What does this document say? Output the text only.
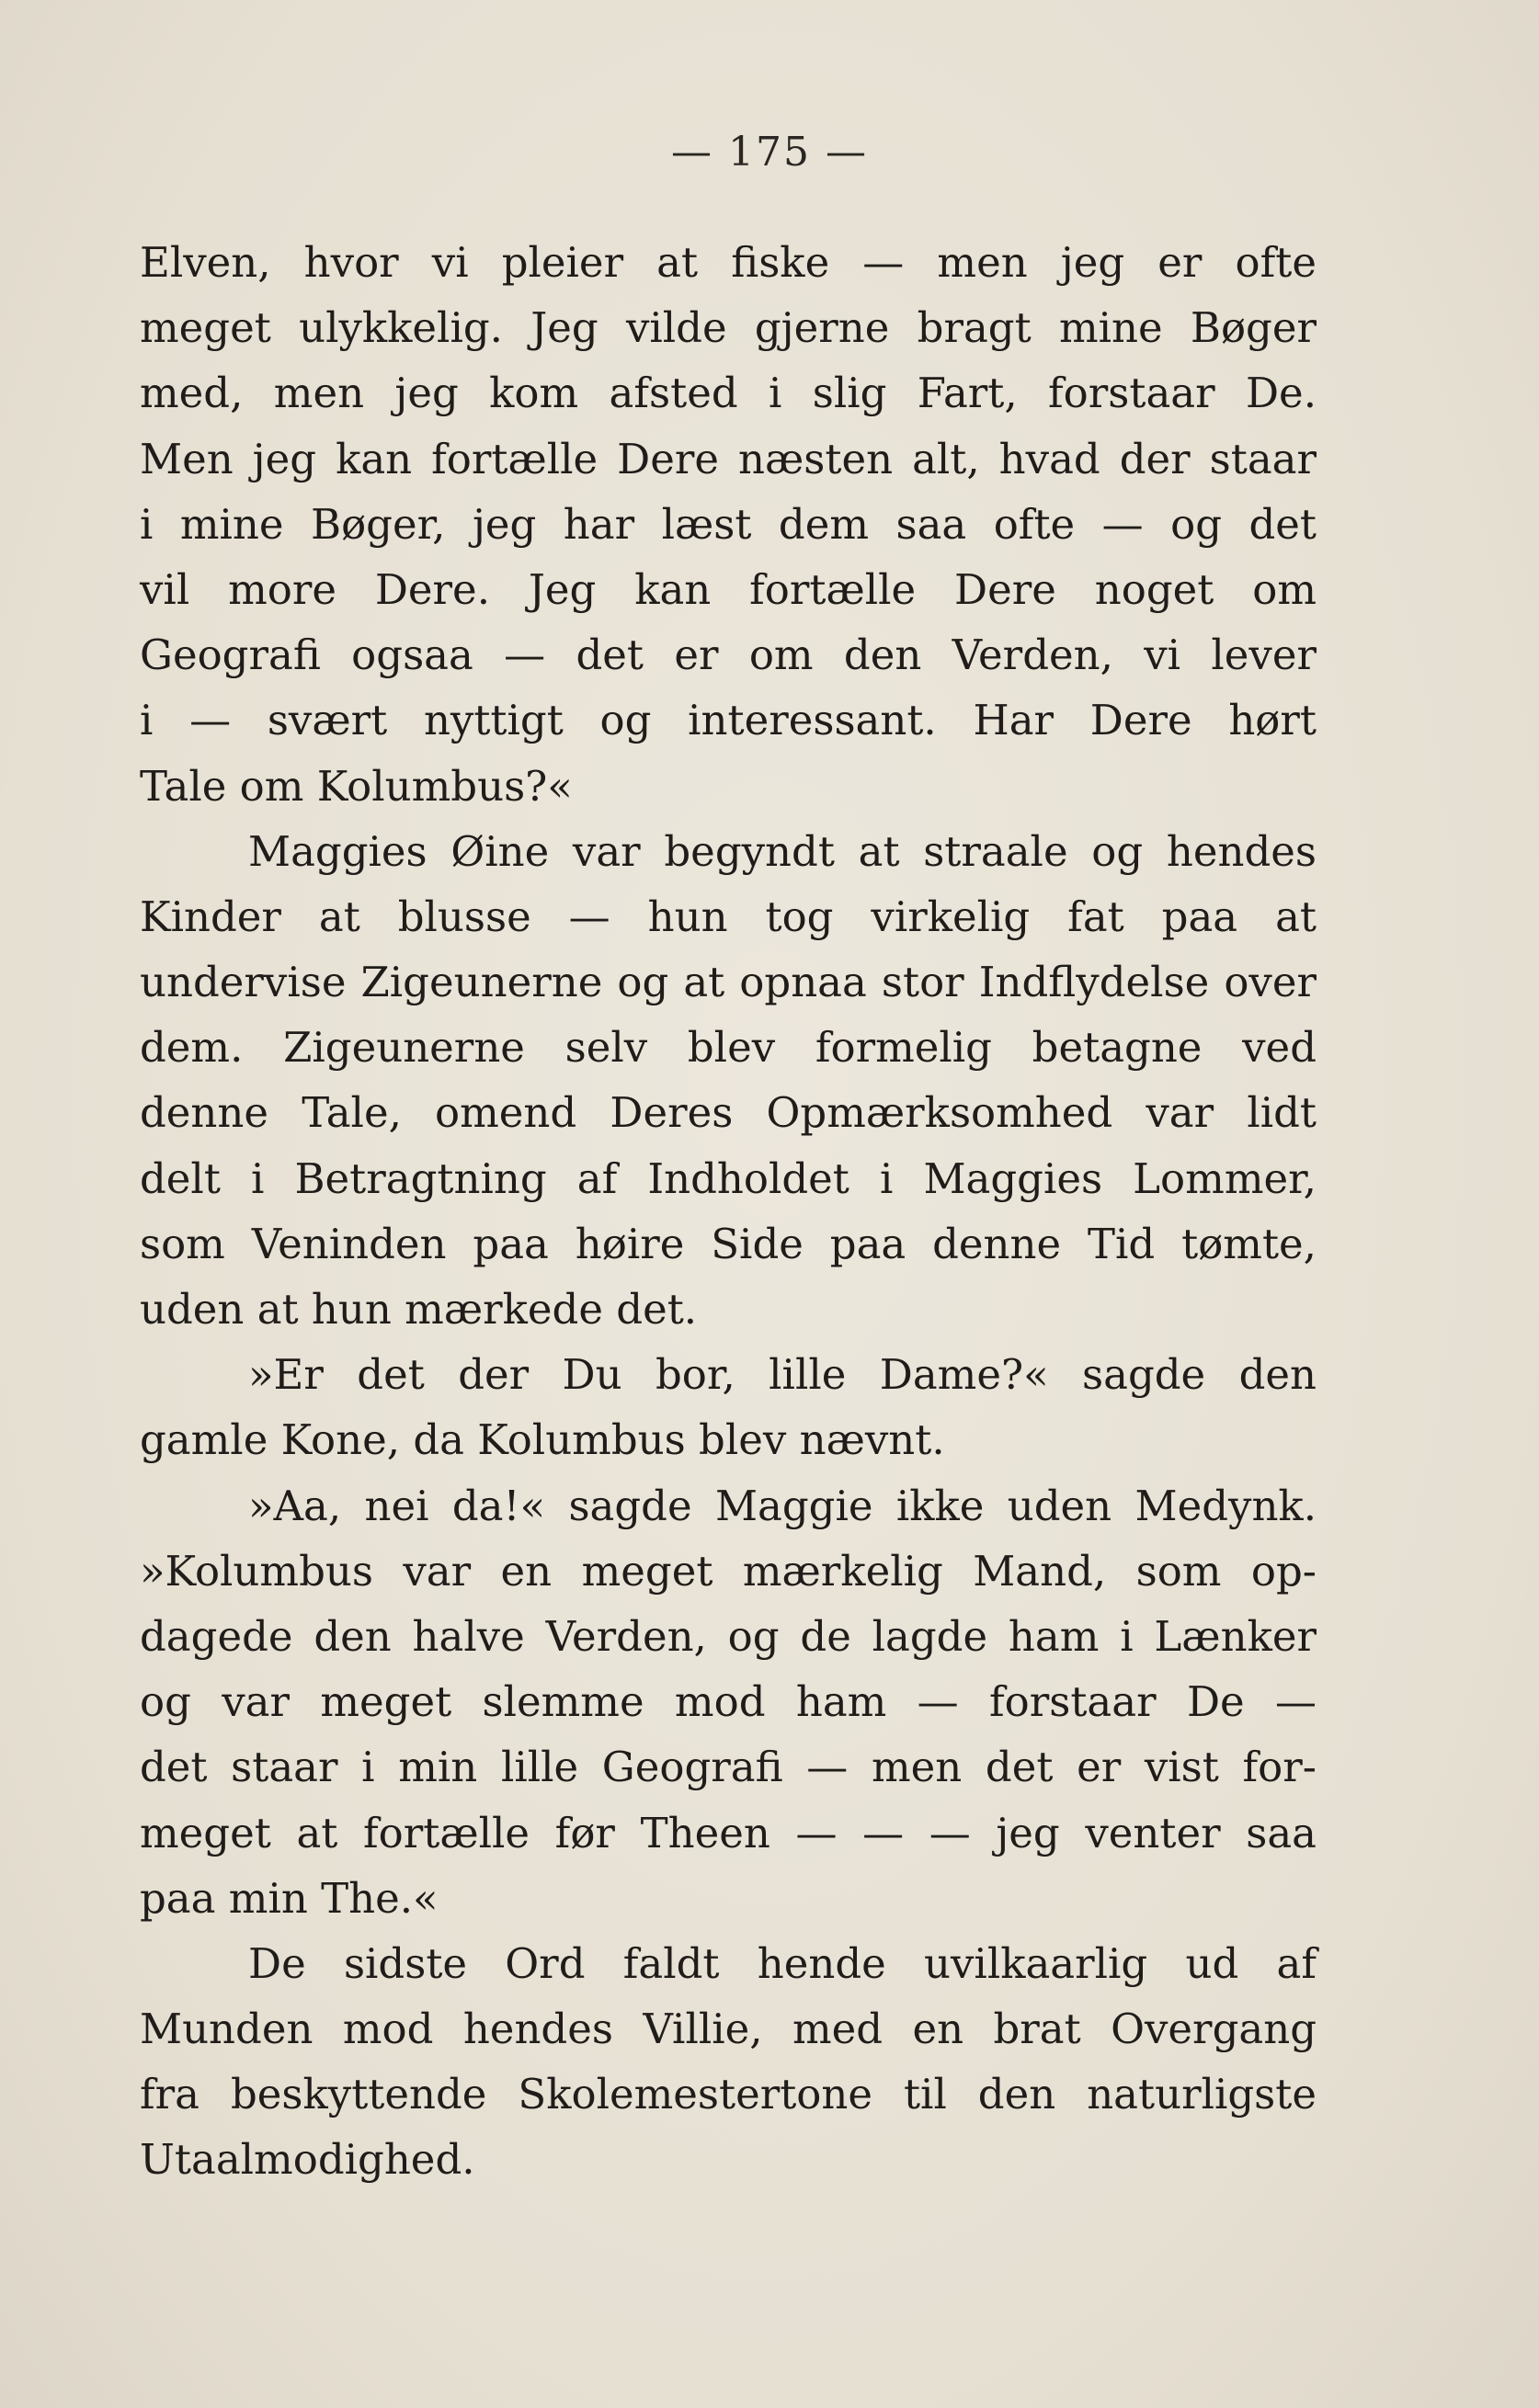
— 175 —
Elven, hvor vi pleier at fiske — men jeg er ofte
meget ulykkelig. Jeg vilde gjerne bragt mine Bøger
med, men jeg kom afsted i slig Fart, forstaar De.
Men jeg kan fortælle Dere næsten alt, hvad der staar
i mine Bøger, jeg har læst dem saa ofte — og det
vil more Dere. Jeg kan fortælle Dere noget om
Geografi ogsaa — det er om den Verden, vi lever
i — svært nyttigt og interessant. Har Dere hørt
Tale om Kolumbus?«
Maggies Øine var begyndt at straale og hendes
Kinder at blusse — hun tog virkelig fat paa at
undervise Zigeunerne og at opnaa stor Indflydelse over
dem. Zigeunerne selv blev formelig betagne ved
denne Tale, omend Deres Opmærksomhed var lidt
delt i Betragtning af Indholdet i Maggies Lommer,
som Veninden paa høire Side paa denne Tid tømte,
uden at hun mærkede det.
»Er det der Du bor, lille Dame?« sagde den
gamle Kone, da Kolumbus blev nævnt.
»Aa, nei da!« sagde Maggie ikke uden Medynk.
»Kolumbus var en meget mærkelig Mand, som op-
dagede den halve Verden, og de lagde ham i Lænker
og var meget slemme mod ham — forstaar De —
det staar i min lille Geografi — men det er vist for-
meget at fortælle før Theen — — — jeg venter saa
paa min The.«
De sidste Ord faldt hende uvilkaarlig ud af
Munden mod hendes Villie, med en brat Overgang
fra beskyttende Skolemestertone til den naturligste
Utaalmodighed.
